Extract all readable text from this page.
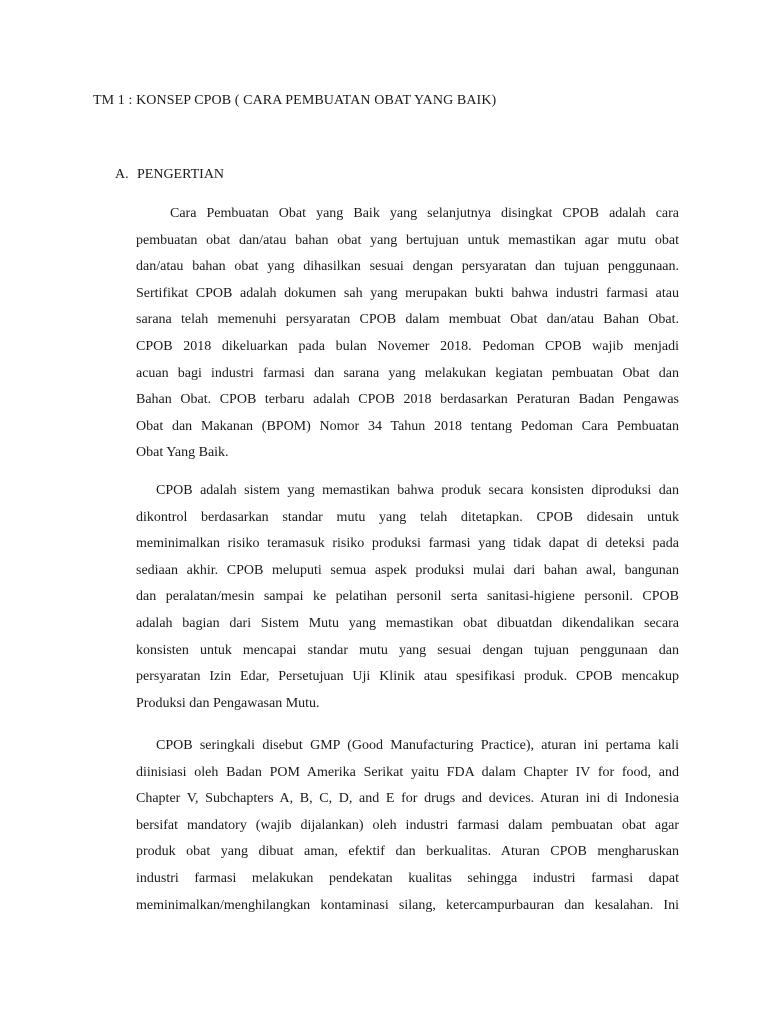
TM 1 : KONSEP CPOB ( CARA PEMBUATAN OBAT YANG BAIK)
A. PENGERTIAN
Cara Pembuatan Obat yang Baik yang selanjutnya disingkat CPOB adalah cara
pembuatan obat dan/atau bahan obat yang bertujuan untuk memastikan agar mutu obat
dan/atau bahan obat yang dihasilkan sesuai dengan persyaratan dan tujuan penggunaan.
Sertifikat CPOB adalah dokumen sah yang merupakan bukti bahwa industri farmasi atau
sarana telah memenuhi persyaratan CPOB dalam membuat Obat dan/atau Bahan Obat.
CPOB 2018 dikeluarkan pada bulan Novemer 2018. Pedoman CPOB wajib menjadi
acuan bagi industri farmasi dan sarana yang melakukan kegiatan pembuatan Obat dan
Bahan Obat. CPOB terbaru adalah CPOB 2018 berdasarkan Peraturan Badan Pengawas
Obat dan Makanan (BPOM) Nomor 34 Tahun 2018 tentang Pedoman Cara Pembuatan
Obat Yang Baik.
CPOB adalah sistem yang memastikan bahwa produk secara konsisten diproduksi dan
dikontrol berdasarkan standar mutu yang telah ditetapkan. CPOB didesain untuk
meminimalkan risiko teramasuk risiko produksi farmasi yang tidak dapat di deteksi pada
sediaan akhir. CPOB meluputi semua aspek produksi mulai dari bahan awal, bangunan
dan peralatan/mesin sampai ke pelatihan personil serta sanitasi-higiene personil. CPOB
adalah bagian dari Sistem Mutu yang memastikan obat dibuatdan dikendalikan secara
konsisten untuk mencapai standar mutu yang sesuai dengan tujuan penggunaan dan
persyaratan Izin Edar, Persetujuan Uji Klinik atau spesifikasi produk. CPOB mencakup
Produksi dan Pengawasan Mutu.
CPOB seringkali disebut GMP (Good Manufacturing Practice), aturan ini pertama kali
diinisiasi oleh Badan POM Amerika Serikat yaitu FDA dalam Chapter IV for food, and
Chapter V, Subchapters A, B, C, D, and E for drugs and devices. Aturan ini di Indonesia
bersifat mandatory (wajib dijalankan) oleh industri farmasi dalam pembuatan obat agar
produk obat yang dibuat aman, efektif dan berkualitas. Aturan CPOB mengharuskan
industri farmasi melakukan pendekatan kualitas sehingga industri farmasi dapat
meminimalkan/menghilangkan kontaminasi silang, ketercampurbauran dan kesalahan. Ini
